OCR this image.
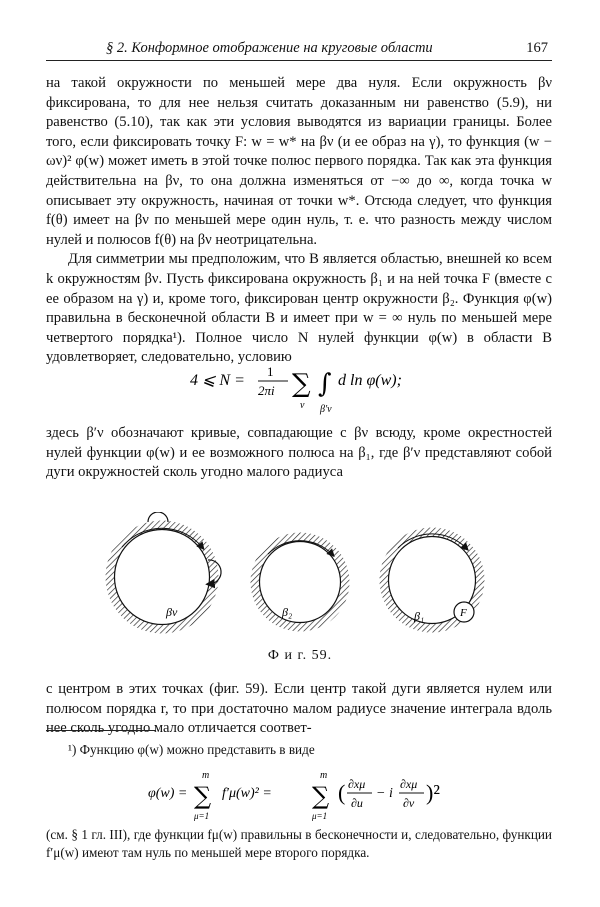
§ 2. Конформное отображение на круговые области	167

на такой окружности по меньшей мере два нуля. Если окружность βν фиксирована, то для нее нельзя считать доказанным ни равенство (5.9), ни равенство (5.10), так как эти условия выводятся из вариации границы. Более того, если фиксировать точку F: w = w* на βν (и ее образ на γ), то функция (w − ων)² φ(w) может иметь в этой точке полюс первого порядка. Так как эта функция действительна на βν, то она должна изменяться от −∞ до ∞, когда точка w описывает эту окружность, начиная от точки w*. Отсюда следует, что функция f(θ) имеет на βν по меньшей мере один нуль, т. е. что разность между числом нулей и полюсов f(θ) на βν неотрицательна.

Для симметрии мы предположим, что B является областью, внешней ко всем k окружностям βν. Пусть фиксирована окружность β₁ и на ней точка F (вместе с ее образом на γ) и, кроме того, фиксирован центр окружности β₂. Функция φ(w) правильна в бесконечной области B и имеет при w = ∞ нуль по меньшей мере четвертого порядка¹). Полное число N нулей функции φ(w) в области B удовлетворяет, следовательно, условию

4 ⩽ N =
1
2πi ∑
ν
∫
β′ν
d ln φ(w);

здесь β′ν обозначают кривые, совпадающие с βν всюду, кроме окрестностей нулей функции φ(w) и ее возможного полюса на β₁, где β′ν представляют собой дуги окружностей сколь угодно малого радиуса

βν	β₂	β₁	F
Ф и г. 59.

с центром в этих точках (фиг. 59). Если центр такой дуги является нулем или полюсом порядка r, то при достаточно малом радиусе значение интеграла вдоль нее сколь угодно мало отличается соответ-

¹) Функцию φ(w) можно представить в виде

φ(w) =
m
∑
μ=1
f′μ(w)² =
m
∑
μ=1
( ∂xμ
∂u
− i
∂xμ
∂v )²

(см. § 1 гл. III), где функции fμ(w) правильны в бесконечности и, следовательно, функции f′μ(w) имеют там нуль по меньшей мере второго порядка.
